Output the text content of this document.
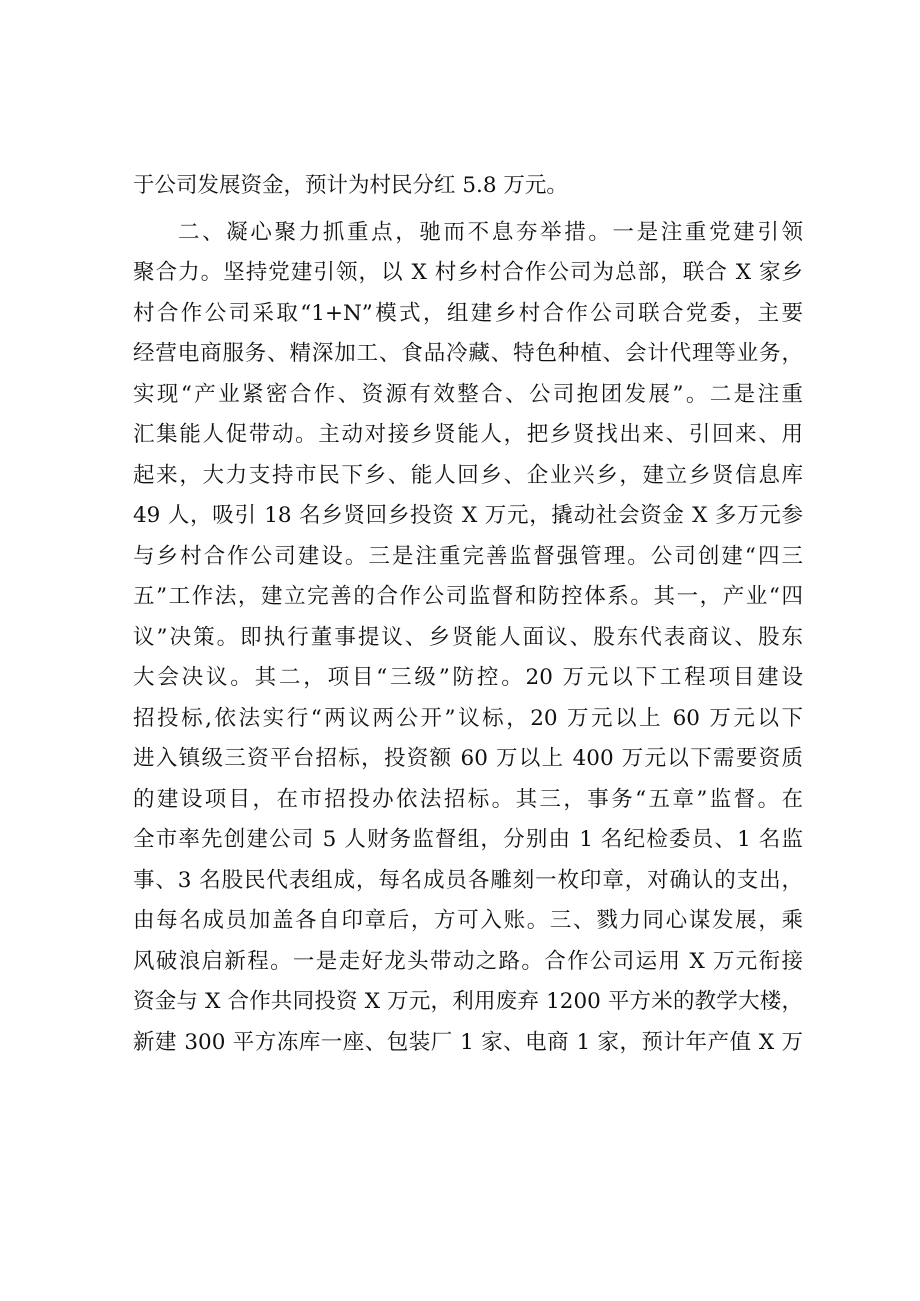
于公司发展资金，预计为村民分红 5.8 万元。
二、凝心聚力抓重点，驰而不息夯举措。一是注重党建引领
聚合力。坚持党建引领，以 X 村乡村合作公司为总部，联合 X 家乡
村合作公司采取“1+N”模式，组建乡村合作公司联合党委，主要
经营电商服务、精深加工、食品冷藏、特色种植、会计代理等业务，
实现“产业紧密合作、资源有效整合、公司抱团发展”。二是注重
汇集能人促带动。主动对接乡贤能人，把乡贤找出来、引回来、用
起来，大力支持市民下乡、能人回乡、企业兴乡，建立乡贤信息库
49 人，吸引 18 名乡贤回乡投资 X 万元，撬动社会资金 X 多万元参
与乡村合作公司建设。三是注重完善监督强管理。公司创建“四三
五”工作法，建立完善的合作公司监督和防控体系。其一，产业“四
议”决策。即执行董事提议、乡贤能人面议、股东代表商议、股东
大会决议。其二，项目“三级”防控。20 万元以下工程项目建设
招投标,依法实行“两议两公开”议标，20 万元以上 60 万元以下
进入镇级三资平台招标，投资额 60 万以上 400 万元以下需要资质
的建设项目，在市招投办依法招标。其三，事务“五章”监督。在
全市率先创建公司 5 人财务监督组，分别由 1 名纪检委员、1 名监
事、3 名股民代表组成，每名成员各雕刻一枚印章，对确认的支出，
由每名成员加盖各自印章后，方可入账。三、戮力同心谋发展，乘
风破浪启新程。一是走好龙头带动之路。合作公司运用 X 万元衔接
资金与 X 合作共同投资 X 万元，利用废弃 1200 平方米的教学大楼，
新建 300 平方冻库一座、包装厂 1 家、电商 1 家，预计年产值 X 万
